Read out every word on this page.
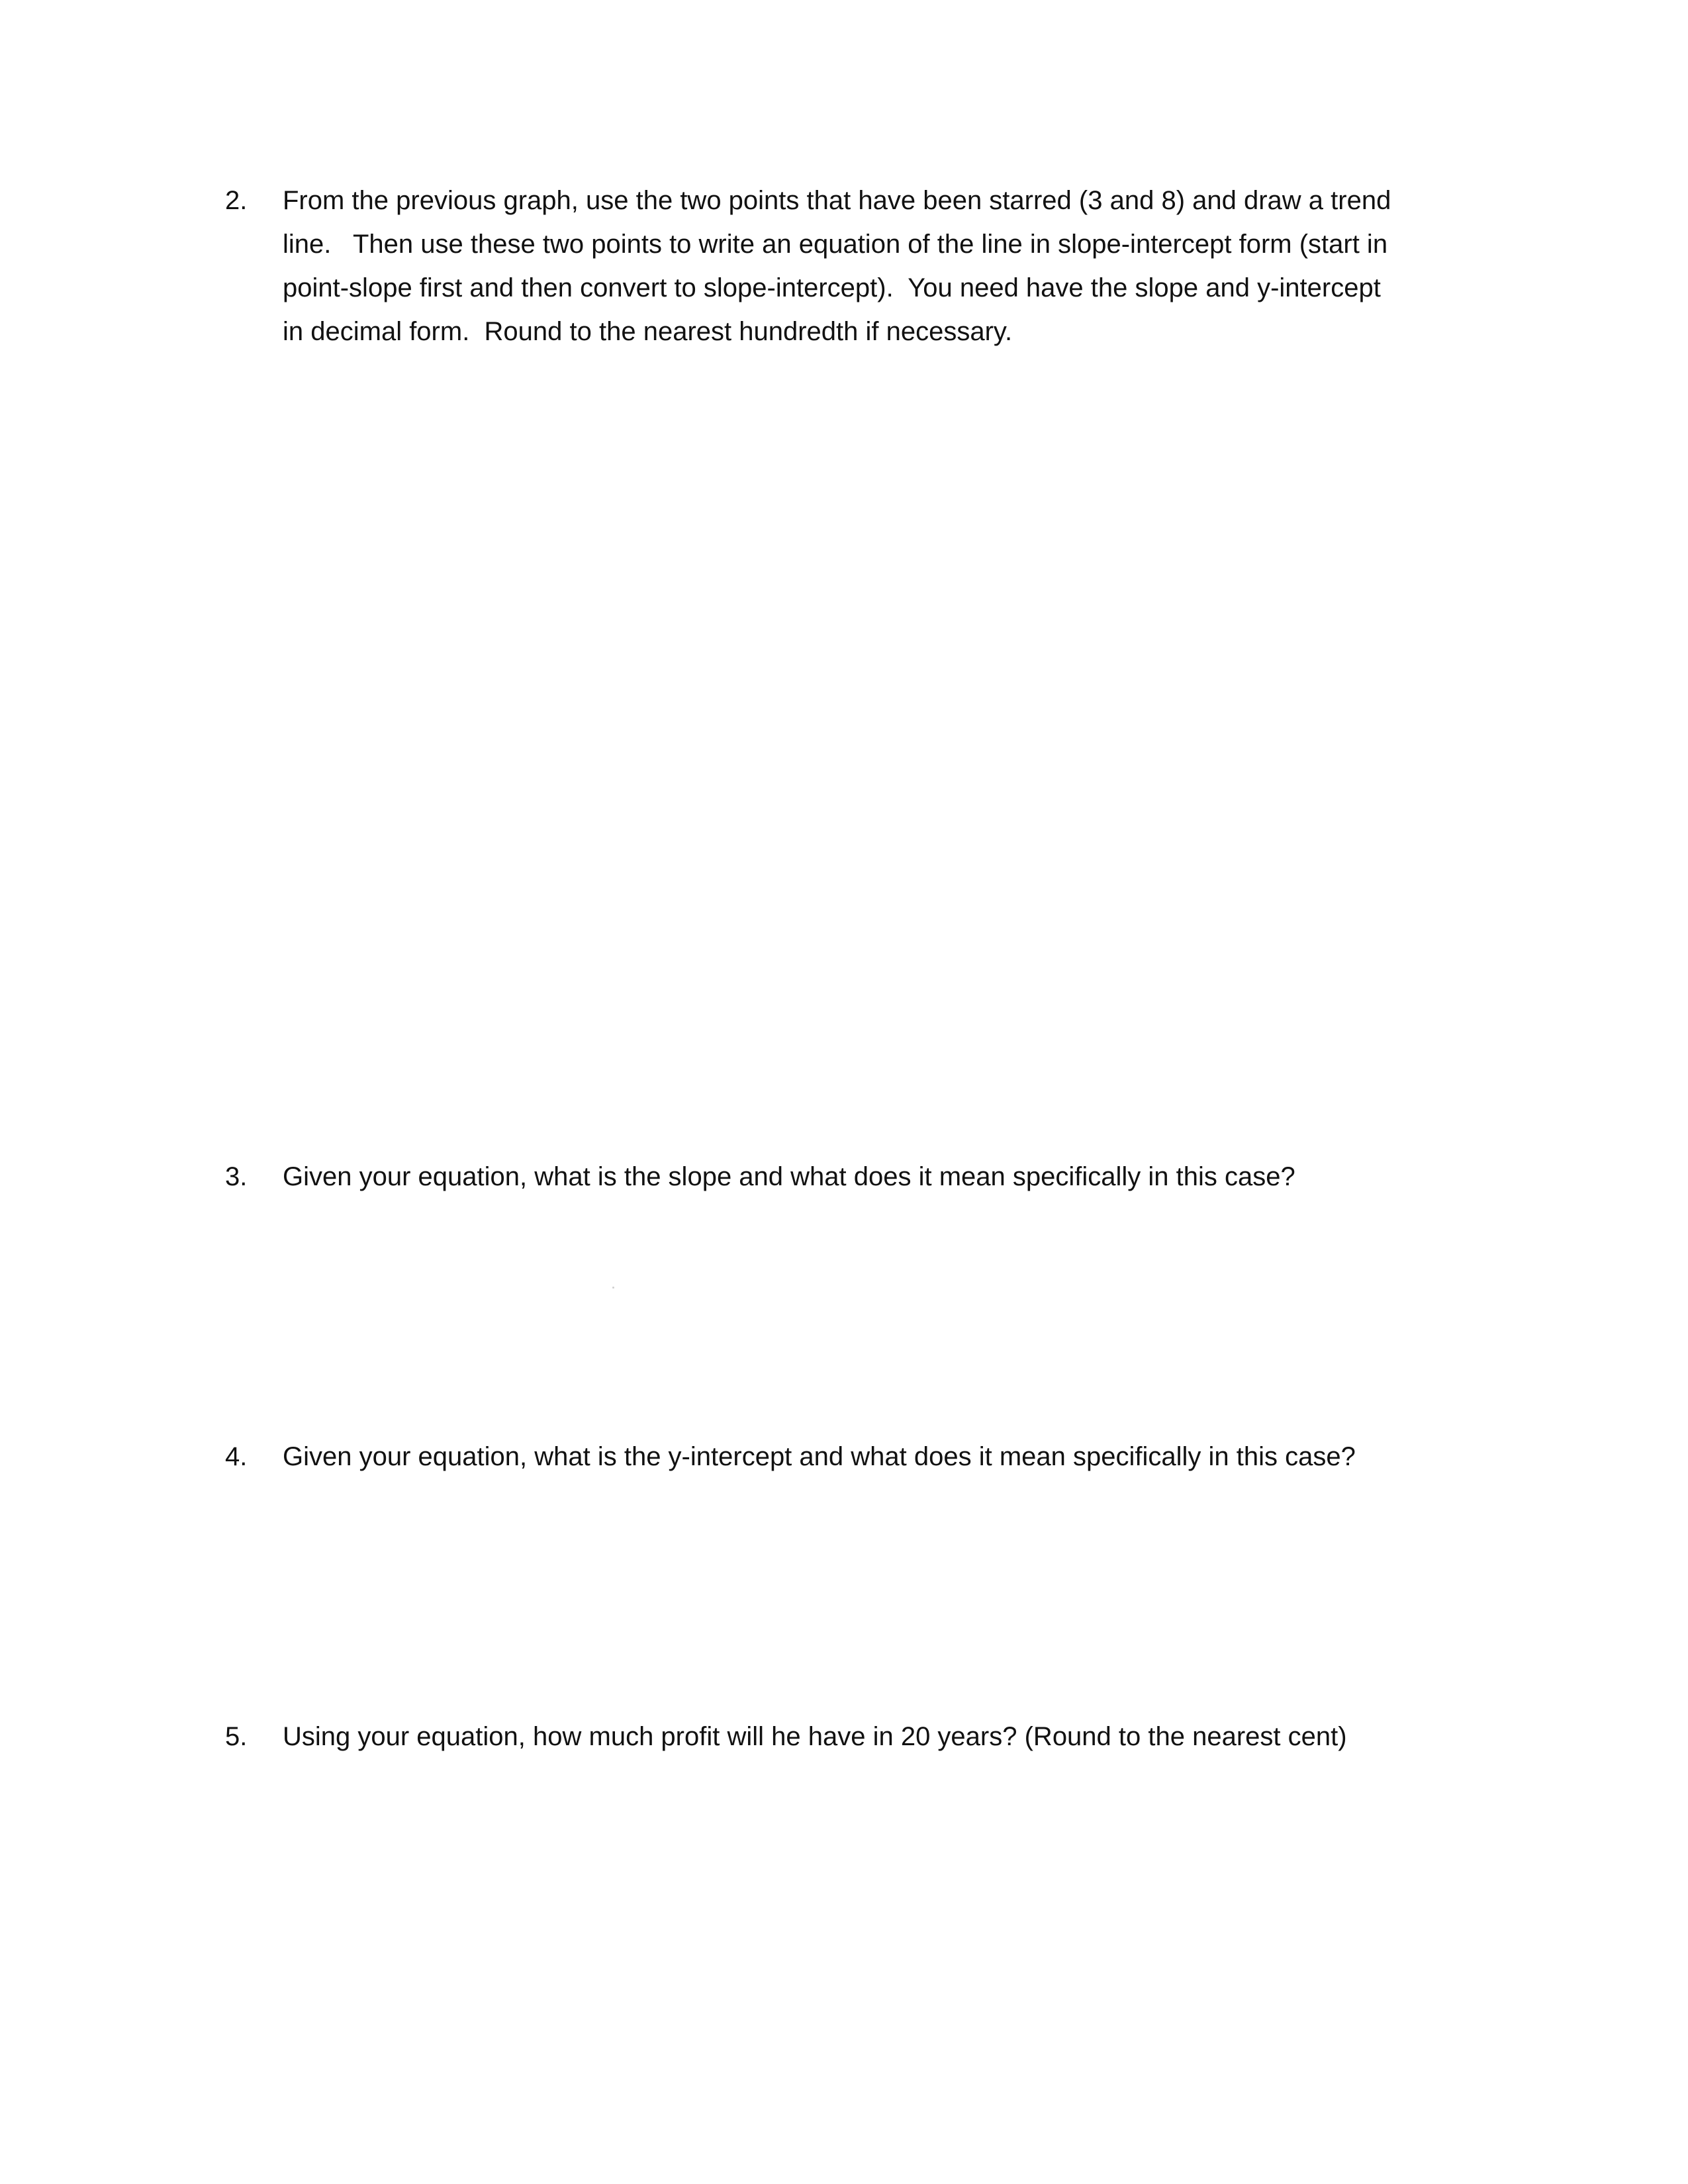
2.	From the previous graph, use the two points that have been starred (3 and 8) and draw a trend
line.   Then use these two points to write an equation of the line in slope-intercept form (start in
point-slope first and then convert to slope-intercept).  You need have the slope and y-intercept
in decimal form.  Round to the nearest hundredth if necessary.
3.	Given your equation, what is the slope and what does it mean specifically in this case?
4.	Given your equation, what is the y-intercept and what does it mean specifically in this case?
5.	Using your equation, how much profit will he have in 20 years? (Round to the nearest cent)
